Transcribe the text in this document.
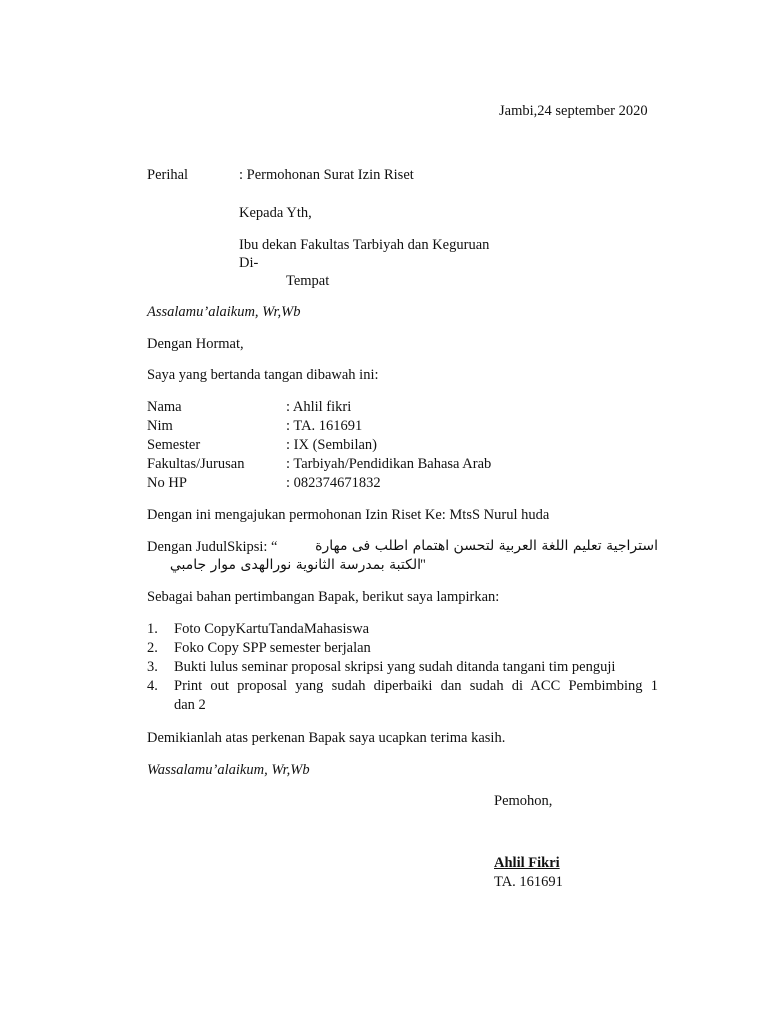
Jambi,24 september 2020
Perihal	: Permohonan Surat Izin Riset
Kepada Yth,
Ibu dekan Fakultas Tarbiyah dan Keguruan
Di-
Tempat
Assalamu’alaikum, Wr,Wb
Dengan Hormat,
Saya yang bertanda tangan dibawah ini:
Nama	: Ahlil fikri
Nim	: TA. 161691
Semester	: IX (Sembilan)
Fakultas/Jurusan	: Tarbiyah/Pendidikan Bahasa Arab
No HP	: 082374671832
Dengan ini mengajukan permohonan Izin Riset Ke: MtsS Nurul huda
Dengan JudulSkipsi: “	استراجية تعليم اللغة العربية لتحسن اهتمام اطلب فى مهارة
"
الكتبة بمدرسة الثانوية نورالهدى موار جامبي
Sebagai bahan pertimbangan Bapak, berikut saya lampirkan:
1. Foto CopyKartuTandaMahasiswa
2. Foko Copy SPP semester berjalan
3. Bukti lulus seminar proposal skripsi yang sudah ditanda tangani tim penguji
4. Print out proposal yang sudah diperbaiki dan sudah di ACC Pembimbing 1
dan 2
Demikianlah atas perkenan Bapak saya ucapkan terima kasih.
Wassalamu’alaikum, Wr,Wb
Pemohon,
Ahlil Fikri
TA. 161691
